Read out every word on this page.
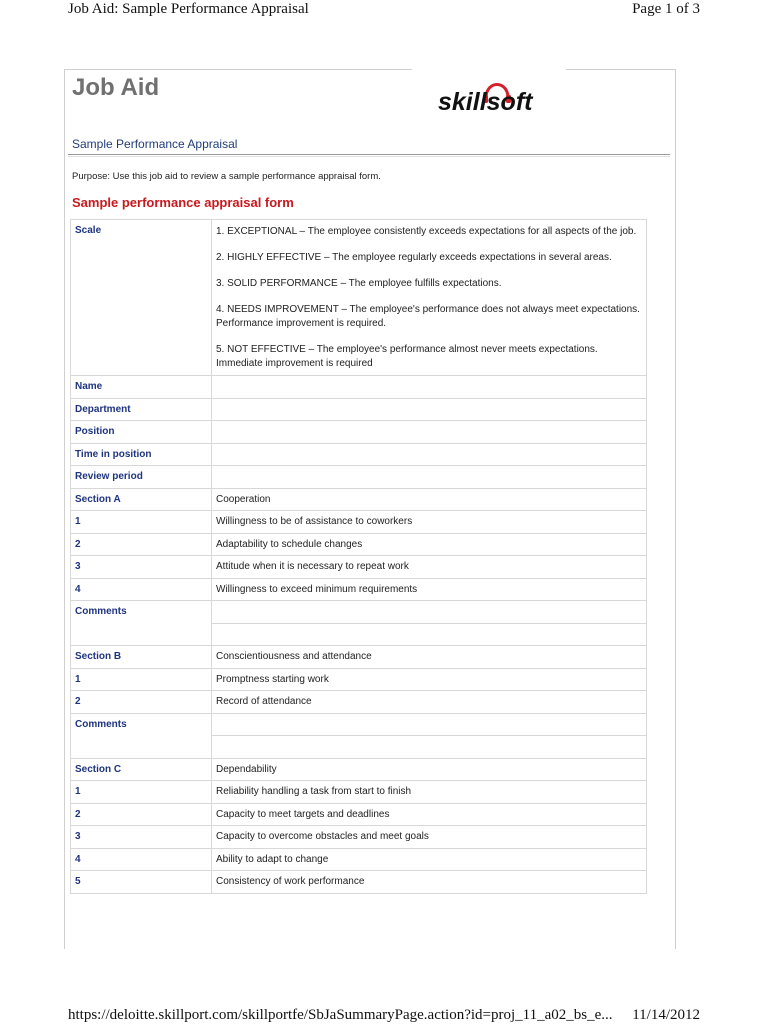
Job Aid: Sample Performance Appraisal	Page 1 of 3
Job Aid
skillsoft
Sample Performance Appraisal
Purpose: Use this job aid to review a sample performance appraisal form.
Sample performance appraisal form
Scale	1. EXCEPTIONAL – The employee consistently exceeds expectations for all aspects of the job.

2. HIGHLY EFFECTIVE – The employee regularly exceeds expectations in several areas.

3. SOLID PERFORMANCE – The employee fulfills expectations.

4. NEEDS IMPROVEMENT – The employee's performance does not always meet expectations. Performance improvement is required.

5. NOT EFFECTIVE – The employee's performance almost never meets expectations. Immediate improvement is required

Name	
Department	
Position	
Time in position	
Review period	
Section A	Cooperation
1	Willingness to be of assistance to coworkers
2	Adaptability to schedule changes
3	Attitude when it is necessary to repeat work
4	Willingness to exceed minimum requirements
Comments	

Section B	Conscientiousness and attendance
1	Promptness starting work
2	Record of attendance
Comments	

Section C	Dependability
1	Reliability handling a task from start to finish
2	Capacity to meet targets and deadlines
3	Capacity to overcome obstacles and meet goals
4	Ability to adapt to change
5	Consistency of work performance
https://deloitte.skillport.com/skillportfe/SbJaSummaryPage.action?id=proj_11_a02_bs_e... 11/14/2012
